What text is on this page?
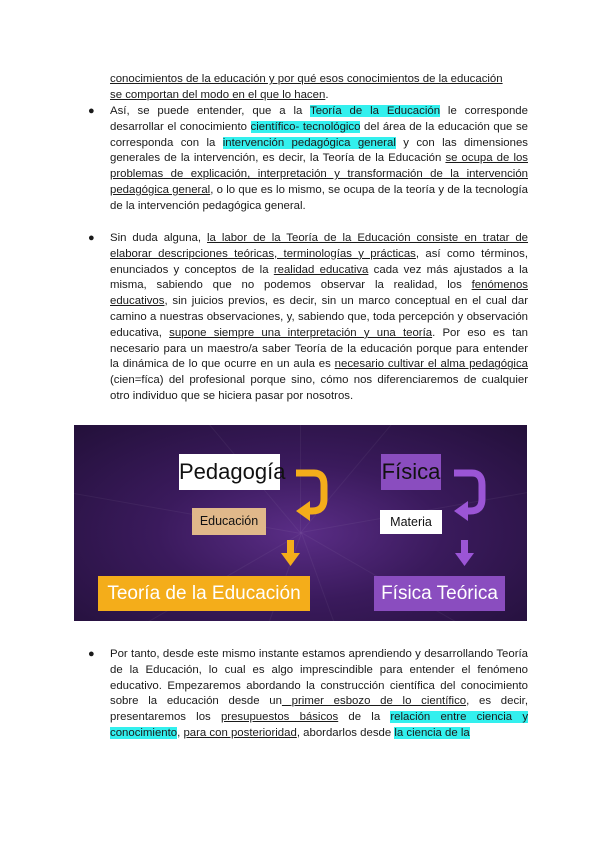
conocimientos de la educación y por qué esos conocimientos de la educación
se comportan del modo en el que lo hacen.
● Así, se puede entender, que a la Teoría de la Educación le corresponde desarrollar el conocimiento científico- tecnológico del área de la educación que se corresponda con la intervención pedagógica general y con las dimensiones generales de la intervención, es decir, la Teoría de la Educación se ocupa de los problemas de explicación, interpretación y transformación de la intervención pedagógica general, o lo que es lo mismo, se ocupa de la teoría y de la tecnología de la intervención pedagógica general.
● Sin duda alguna, la labor de la Teoría de la Educación consiste en tratar de elaborar descripciones teóricas, terminologías y prácticas, así como términos, enunciados y conceptos de la realidad educativa cada vez más ajustados a la misma, sabiendo que no podemos observar la realidad, los fenómenos educativos, sin juicios previos, es decir, sin un marco conceptual en el cual dar camino a nuestras observaciones, y, sabiendo que, toda percepción y observación educativa, supone siempre una interpretación y una teoría. Por eso es tan necesario para un maestro/a saber Teoría de la educación porque para entender la dinámica de lo que ocurre en un aula es necesario cultivar el alma pedagógica (cien=fíca) del profesional porque sino, cómo nos diferenciaremos de cualquier otro individuo que se hiciera pasar por nosotros.
Pedagogía	Física
Educación	Materia
Teoría de la Educación	Física Teórica
● Por tanto, desde este mismo instante estamos aprendiendo y desarrollando Teoría de la Educación, lo cual es algo imprescindible para entender el fenómeno educativo. Empezaremos abordando la construcción científica del conocimiento sobre la educación desde un primer esbozo de lo científico, es decir, presentaremos los presupuestos básicos de la relación entre ciencia y conocimiento, para con posterioridad, abordarlos desde la ciencia de la
